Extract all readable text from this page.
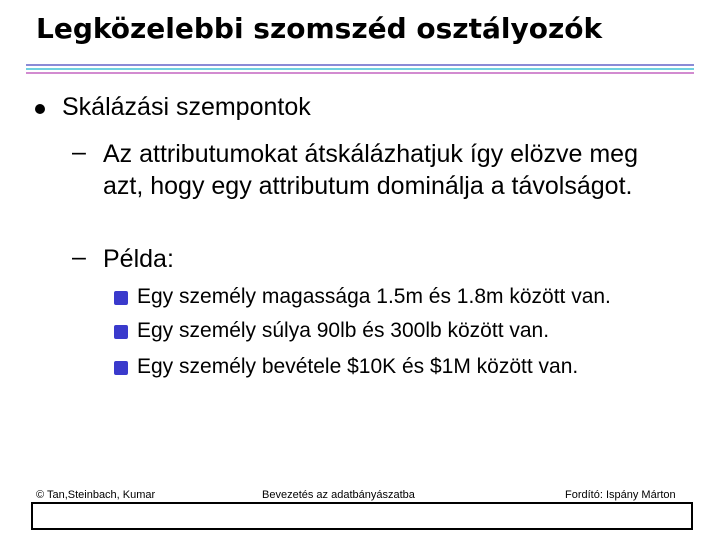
Legközelebbi szomszéd osztályozók
Skálázási szempontok
– Az attributumokat átskálázhatjuk így elözve meg azt, hogy egy attributum dominálja a távolságot.
– Példa:
Egy személy magassága 1.5m és 1.8m között van.
Egy személy súlya 90lb és 300lb között van.
Egy személy bevétele $10K és $1M között van.
© Tan,Steinbach, Kumar	Bevezetés az adatbányászatba	Fordító: Ispány Márton
